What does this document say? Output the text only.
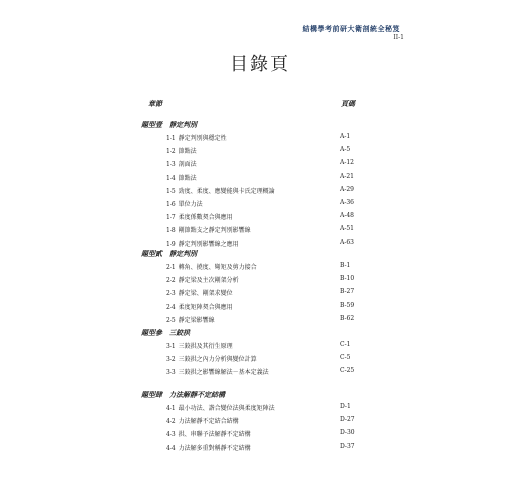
結構學考前研大衛剖統全秘笈
II-1
目錄頁
章節	頁碼
題型壹　靜定判別
1-1 靜定判別與穩定性	A-1
1-2 節點法	A-5
1-3 剖面法	A-12
1-4 節點法	A-21
1-5 勁度、柔度、應變能與卡氏定理概論	A-29
1-6 單位力法	A-36
1-7 柔度係數契合與應用	A-48
1-8 剛節點支之靜定判別影響線	A-51
1-9 靜定判別影響線之應用	A-63
題型貳　靜定判別
2-1 轉角、撓度、彎矩及剪力接合	B-1
2-2 靜定梁及主次剛架分析	B-10
2-3 靜定梁、剛架求變位	B-27
2-4 柔度矩陣契合與應用	B-59
2-5 靜定梁影響線	B-62
題型參　三鉸拱
3-1 三鉸拱及其衍生原理	C-1
3-2 三鉸拱之內力分析與變位計算	C-5
3-3 三鉸拱之影響線解法－基本定義法	C-25
題型肆　力法解靜不定結構
4-1 最小功法、諧合變位法與柔度矩陣法	D-1
4-2 力法解靜不定結合結構	D-27
4-3 拱、串聯予法解靜不定結構	D-30
4-4 力法解多重對稱靜不定結構	D-37
